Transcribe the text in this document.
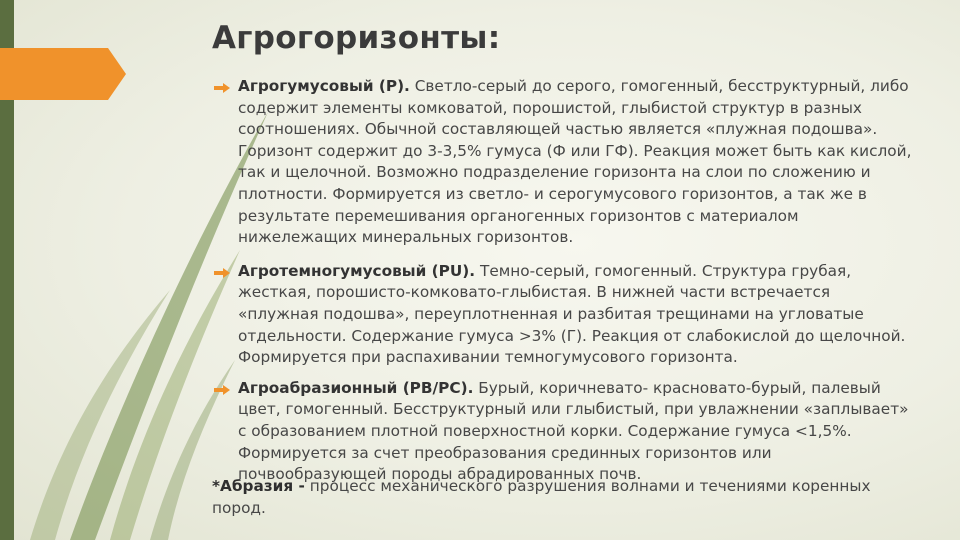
Агрогоризонты:
Агрогумусовый (Р). Светло-серый до серого, гомогенный, бесструктурный, либо содержит элементы комковатой, порошистой, глыбистой структур в разных соотношениях. Обычной составляющей частью является «плужная подошва». Горизонт содержит до 3-3,5% гумуса (Ф или ГФ). Реакция может быть как кислой, так и щелочной. Возможно подразделение горизонта на слои по сложению и плотности. Формируется из светло- и серогумусового горизонтов, а так же в результате перемешивания органогенных горизонтов с материалом нижележащих минеральных горизонтов.
Агротемногумусовый (PU). Темно-серый, гомогенный. Структура грубая, жесткая, порошисто-комковато-глыбистая. В нижней части встречается «плужная подошва», переуплотненная и разбитая трещинами на угловатые отдельности. Содержание гумуса >3% (Г). Реакция от слабокислой до щелочной. Формируется при распахивании темногумусового горизонта.
Агроабразионный (PB/PC). Бурый, коричневато- красновато-бурый, палевый цвет, гомогенный. Бесструктурный или глыбистый, при увлажнении «заплывает» с образованием плотной поверхностной корки. Содержание гумуса <1,5%. Формируется за счет преобразования срединных горизонтов или почвообразующей породы абрадированных почв.

*Абразия - процесс механического разрушения волнами и течениями коренных пород.
